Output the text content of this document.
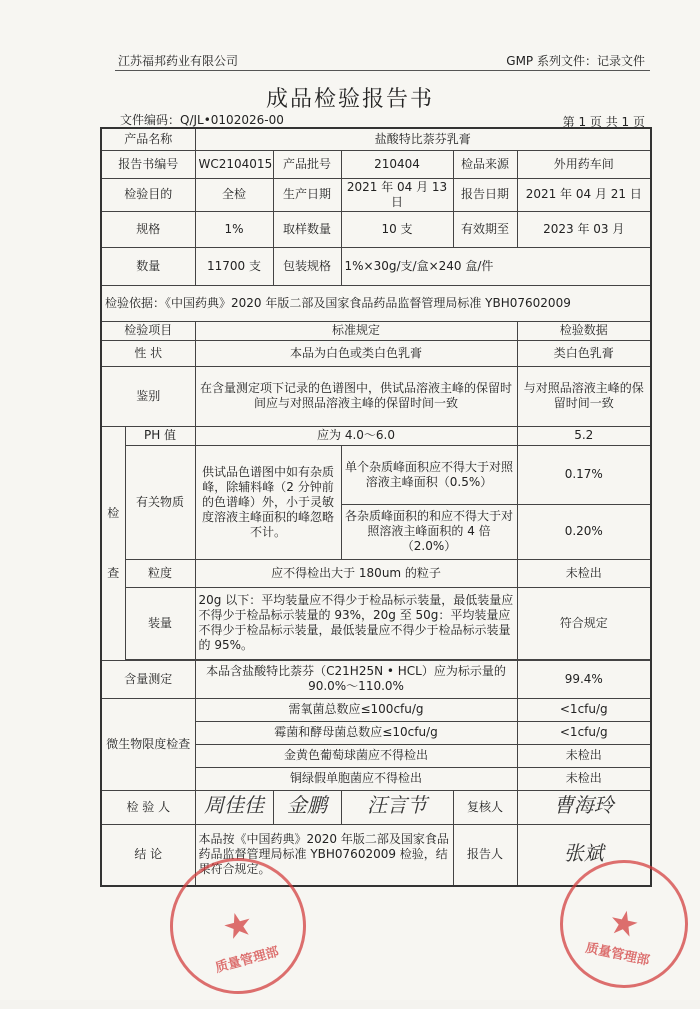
江苏福邦药业有限公司	GMP 系列文件：记录文件
成品检验报告书
文件编码：Q/JL•0102026-00	第 1 页 共 1 页
产品名称		盐酸特比萘芬乳膏				
报告书编号		WC2104015	产品批号	210404	检品来源	外用药车间
检验目的		全检	生产日期	2021 年 04 月 13 日	报告日期	2021 年 04 月 21 日
规格		1%	取样数量	10 支	有效期至	2023 年 03 月
数量		11700 支	包装规格	1%×30g/支/盒×240 盒/件		
检验依据：《中国药典》2020 年版二部及国家食品药品监督管理局标准 YBH07602009						
检验项目		标准规定				检验数据
性 状		本品为白色或类白色乳膏				类白色乳膏
鉴别		在含量测定项下记录的色谱图中，供试品溶液主峰的保留时间应与对照品溶液主峰的保留时间一致				与对照品溶液主峰的保留时间一致
检

查	PH 值	应为 4.0～6.0				5.2
	有关物质	供试品色谱图中如有杂质峰，除辅料峰（2 分钟前的色谱峰）外，小于灵敏度溶液主峰面积的峰忽略不计。		单个杂质峰面积应不得大于对照溶液主峰面积（0.5%）		0.17%
				各杂质峰面积的和应不得大于对照溶液主峰面积的 4 倍（2.0%）		0.20%
	粒度	应不得检出大于 180um 的粒子				未检出
	装量	20g 以下：平均装量应不得少于检品标示装量，最低装量应不得少于检品标示装量的 93%，20g 至 50g：平均装量应不得少于检品标示装量，最低装量应不得少于检品标示装量的 95%。				符合规定

含量测定		本品含盐酸特比萘芬（C21H25N • HCL）应为标示量的 90.0%～110.0%				99.4%
微生物限度检查		需氧菌总数应≤100cfu/g				<1cfu/g
		霉菌和酵母菌总数应≤10cfu/g				<1cfu/g
		金黄色葡萄球菌应不得检出				未检出
		铜绿假单胞菌应不得检出				未检出
检 验 人		周佳佳	金鹏	汪言节	复核人	曹海玲
结 论		本品按《中国药典》2020 年版二部及国家食品药品监督管理局标准 YBH07602009 检验，结果符合规定。			报告人	张斌
★
质量管理部
★
质量管理部
